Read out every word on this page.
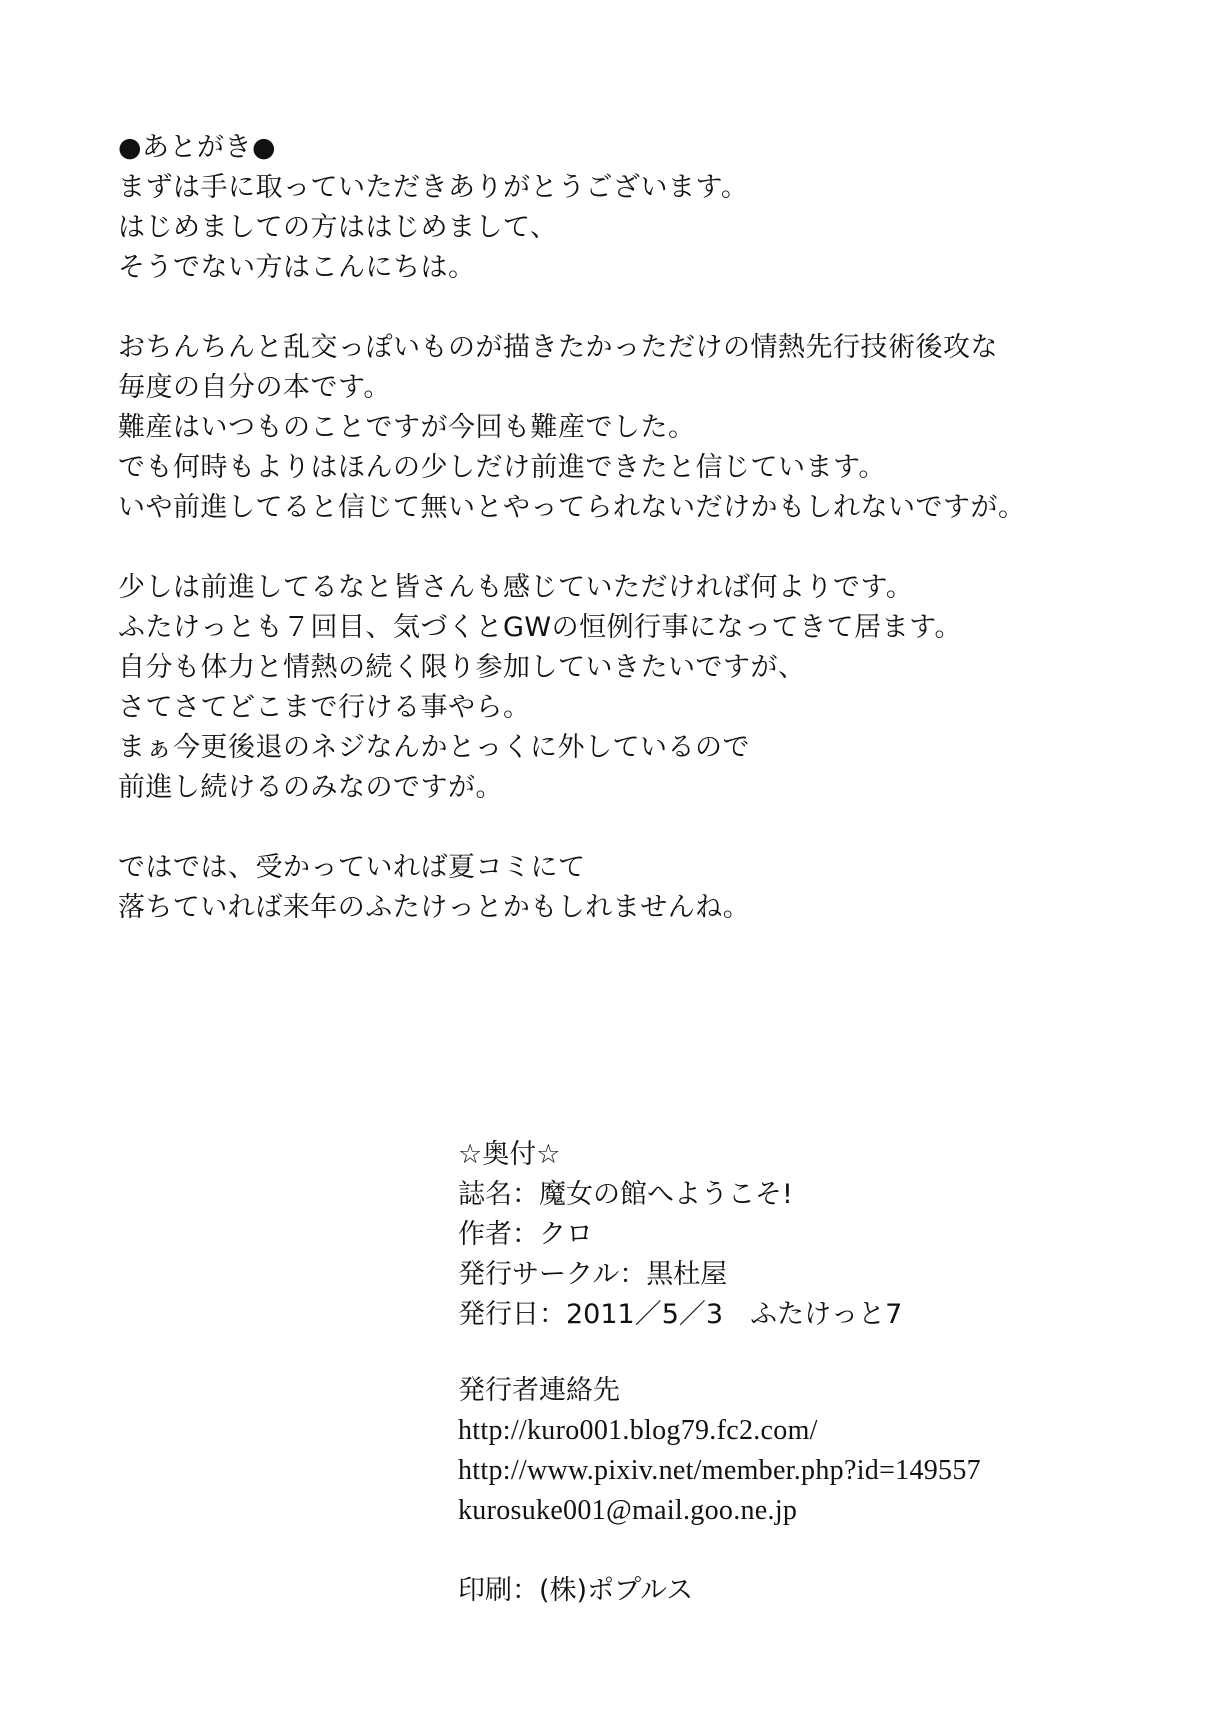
●あとがき●
まずは手に取っていただきありがとうございます。
はじめましての方ははじめまして、
そうでない方はこんにちは。
おちんちんと乱交っぽいものが描きたかっただけの情熱先行技術後攻な
毎度の自分の本です。
難産はいつものことですが今回も難産でした。
でも何時もよりはほんの少しだけ前進できたと信じています。
いや前進してると信じて無いとやってられないだけかもしれないですが。
少しは前進してるなと皆さんも感じていただければ何よりです。
ふたけっとも７回目、気づくとGWの恒例行事になってきて居ます。
自分も体力と情熱の続く限り参加していきたいですが、
さてさてどこまで行ける事やら。
まぁ今更後退のネジなんかとっくに外しているので
前進し続けるのみなのですが。
ではでは、受かっていれば夏コミにて
落ちていれば来年のふたけっとかもしれませんね。
☆奥付☆
誌名：魔女の館へようこそ!
作者：クロ
発行サークル：黒杜屋
発行日：2011／5／3　ふたけっと7
発行者連絡先
http://kuro001.blog79.fc2.com/
http://www.pixiv.net/member.php?id=149557
kurosuke001@mail.goo.ne.jp
印刷：(株)ポプルス
